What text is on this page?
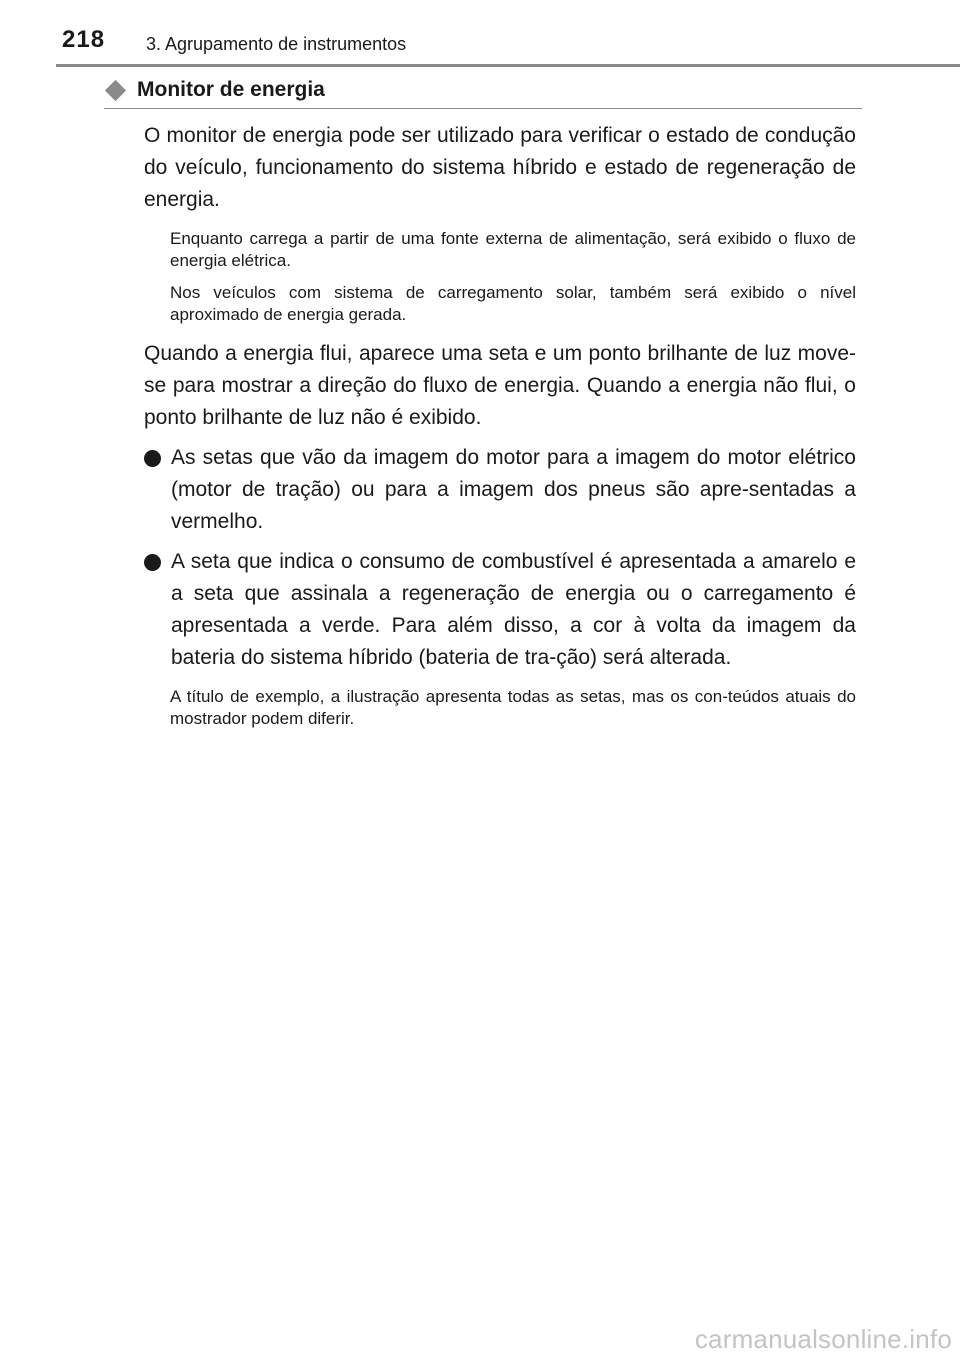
218 3. Agrupamento de instrumentos
Monitor de energia

O monitor de energia pode ser utilizado para verificar o estado de condução do veículo, funcionamento do sistema híbrido e estado de regeneração de energia.

Enquanto carrega a partir de uma fonte externa de alimentação, será exibido o fluxo de energia elétrica.

Nos veículos com sistema de carregamento solar, também será exibido o nível aproximado de energia gerada.

Quando a energia flui, aparece uma seta e um ponto brilhante de luz move-se para mostrar a direção do fluxo de energia. Quando a energia não flui, o ponto brilhante de luz não é exibido.

As setas que vão da imagem do motor para a imagem do motor elétrico (motor de tração) ou para a imagem dos pneus são apre-sentadas a vermelho.
A seta que indica o consumo de combustível é apresentada a amarelo e a seta que assinala a regeneração de energia ou o carregamento é apresentada a verde. Para além disso, a cor à volta da imagem da bateria do sistema híbrido (bateria de tra-ção) será alterada.

A título de exemplo, a ilustração apresenta todas as setas, mas os con-teúdos atuais do mostrador podem diferir.

carmanualsonline.info
